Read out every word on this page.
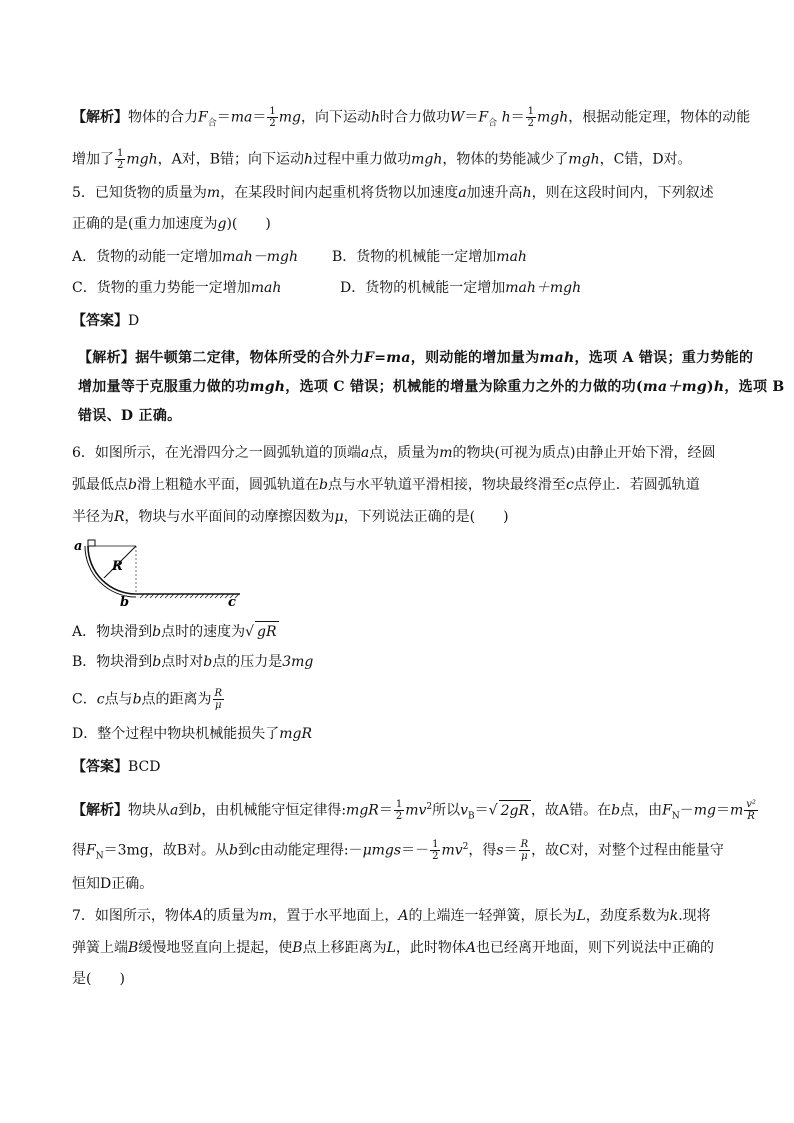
【解析】物体的合力$F_合=ma= \frac{1}{2}$ mg，向下运动h时合力做功$W=F_合$ $h= \frac{1}{2}$ mgh，根据动能定理，物体的动能
增加了 $\frac{1}{2}$ mgh，A对，B错；向下运动h过程中重力做功mgh，物体的势能减少了mgh，C错，D对。
5．已知货物的质量为m，在某段时间内起重机将货物以加速度a加速升高h，则在这段时间内，下列叙述
正确的是(重力加速度为g)(　　)
A．货物的动能一定增加mah－mgh B．货物的机械能一定增加mah
C．货物的重力势能一定增加mah	D．货物的机械能一定增加mah＋mgh
【答案】D
【解析】据牛顿第二定律，物体所受的合外力F=ma，则动能的增加量为mah，选项 A 错误；重力势能的
增加量等于克服重力做的功mgh，选项 C 错误；机械能的增量为除重力之外的力做的功(ma＋mg)h，选项 B
错误、D 正确。
6．如图所示，在光滑四分之一圆弧轨道的顶端a点，质量为m的物块(可视为质点)由静止开始下滑，经圆
弧最低点b滑上粗糙水平面，圆弧轨道在b点与水平轨道平滑相接，物块最终滑至c点停止．若圆弧轨道
半径为R，物块与水平面间的动摩擦因数为μ，下列说法正确的是(　　)
a
R
b	c
A．物块滑到b点时的速度为√ gR
B．物块滑到b点时对b点的压力是3mg
C．c点与b点的距离为 $\frac{R}{\mu}$
D．整个过程中物块机械能损失了mgR
【答案】BCD
【解析】物块从a到b，由机械能守恒定律得:mgR＝ $\frac{1}{2} mv^2$所以$v_B=√$ 2gR ，故A错。在b点，由$F_N-mg=m \frac{\text{v²}}{R}$
得$F_N=3mg$，故B对。从b到c由动能定理得:－μmgs＝－ $\frac{1}{2} mv^2$，得$s= \frac{R}{\mu}$ ，故C对，对整个过程由能量守
恒知D正确。
7．如图所示，物体A的质量为m，置于水平地面上，A的上端连一轻弹簧，原长为L，劲度系数为k.现将
弹簧上端B缓慢地竖直向上提起，使B点上移距离为L，此时物体A也已经离开地面，则下列说法中正确的
是(　　)
